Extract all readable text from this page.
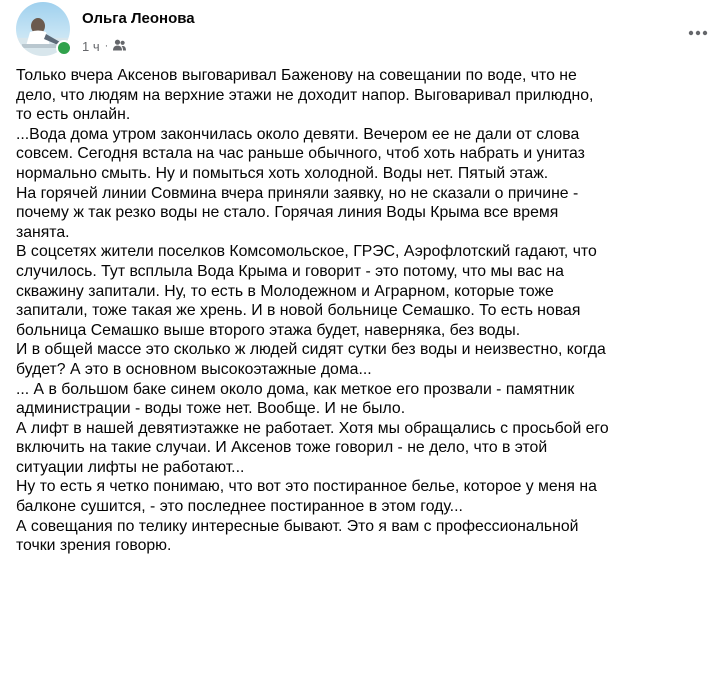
Ольга Леонова
1 ч ·

Только вчера Аксенов выговаривал Баженову на совещании по воде, что не
дело, что людям на верхние этажи не доходит напор. Выговаривал прилюдно,
то есть онлайн.

...Вода дома утром закончилась около девяти. Вечером ее не дали от слова
совсем. Сегодня встала на час раньше обычного, чтоб хоть набрать и унитаз
нормально смыть. Ну и помыться хоть холодной. Воды нет. Пятый этаж.

На горячей линии Совмина вчера приняли заявку, но не сказали о причине -
почему ж так резко воды не стало. Горячая линия Воды Крыма все время
занята.

В соцсетях жители поселков Комсомольское, ГРЭС, Аэрофлотский гадают, что
случилось. Тут всплыла Вода Крыма и говорит - это потому, что мы вас на
скважину запитали. Ну, то есть в Молодежном и Аграрном, которые тоже
запитали, тоже такая же хрень. И в новой больнице Семашко. То есть новая
больница Семашко выше второго этажа будет, наверняка, без воды.

И в общей массе это сколько ж людей сидят сутки без воды и неизвестно, когда
будет? А это в основном высокоэтажные дома...

... А в большом баке синем около дома, как меткое его прозвали - памятник
администрации - воды тоже нет. Вообще. И не было.

А лифт в нашей девятиэтажке не работает. Хотя мы обращались с просьбой его
включить на такие случаи. И Аксенов тоже говорил - не дело, что в этой
ситуации лифты не работают...

Ну то есть я четко понимаю, что вот это постиранное белье, которое у меня на
балконе сушится, - это последнее постиранное в этом году...

А совещания по телику интересные бывают. Это я вам с профессиональной
точки зрения говорю.
